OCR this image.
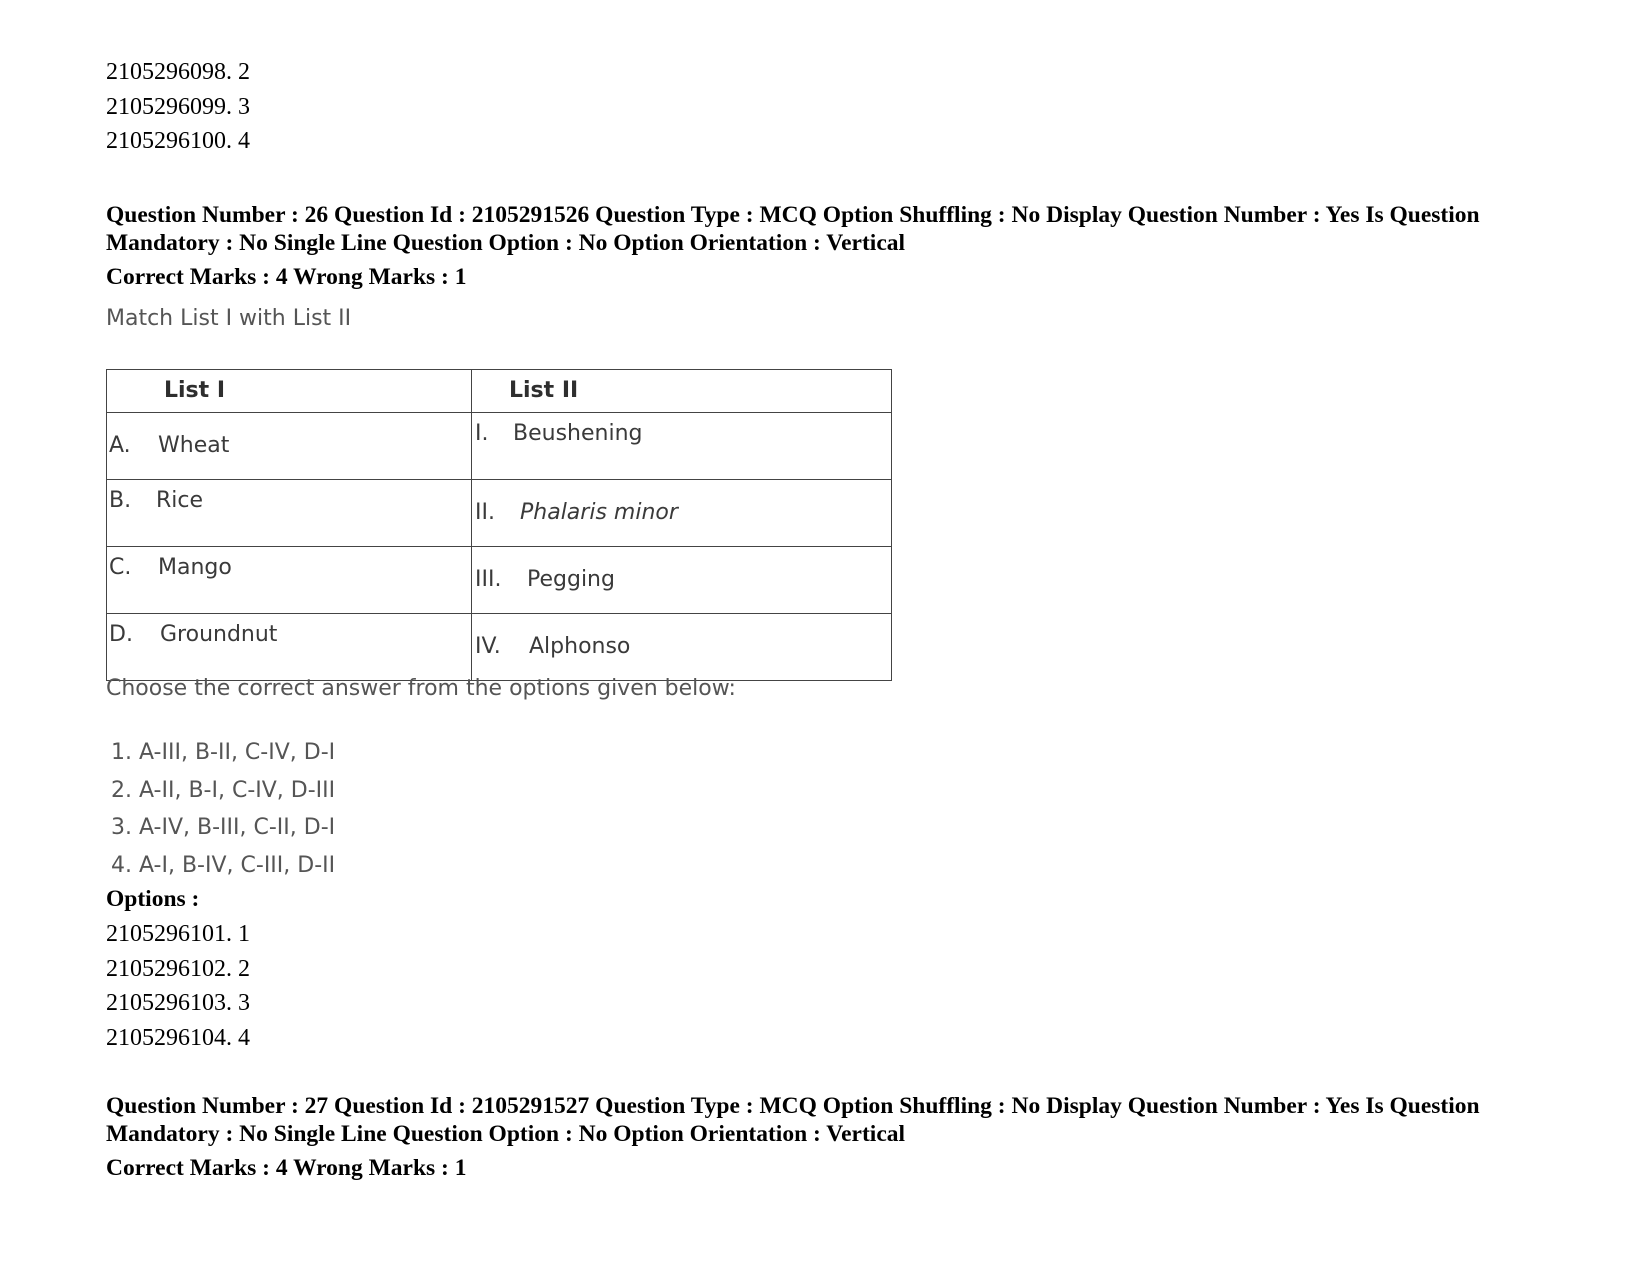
2105296098. 2

2105296099. 3

2105296100. 4

Question Number : 26 Question Id : 2105291526 Question Type : MCQ Option Shuffling : No Display Question Number : Yes Is Question Mandatory : No Single Line Question Option : No Option Orientation : Vertical

Correct Marks : 4 Wrong Marks : 1

Match List I with List II

List I	List II

A. Wheat	I. Beushening

B. Rice	II. Phalaris minor

C. Mango	III. Pegging

D. Groundnut	IV. Alphonso

Choose the correct answer from the options given below:

1. A-III, B-II, C-IV, D-I

2. A-II, B-I, C-IV, D-III

3. A-IV, B-III, C-II, D-I

4. A-I, B-IV, C-III, D-II

Options :

2105296101. 1

2105296102. 2

2105296103. 3

2105296104. 4

Question Number : 27 Question Id : 2105291527 Question Type : MCQ Option Shuffling : No Display Question Number : Yes Is Question Mandatory : No Single Line Question Option : No Option Orientation : Vertical

Correct Marks : 4 Wrong Marks : 1
